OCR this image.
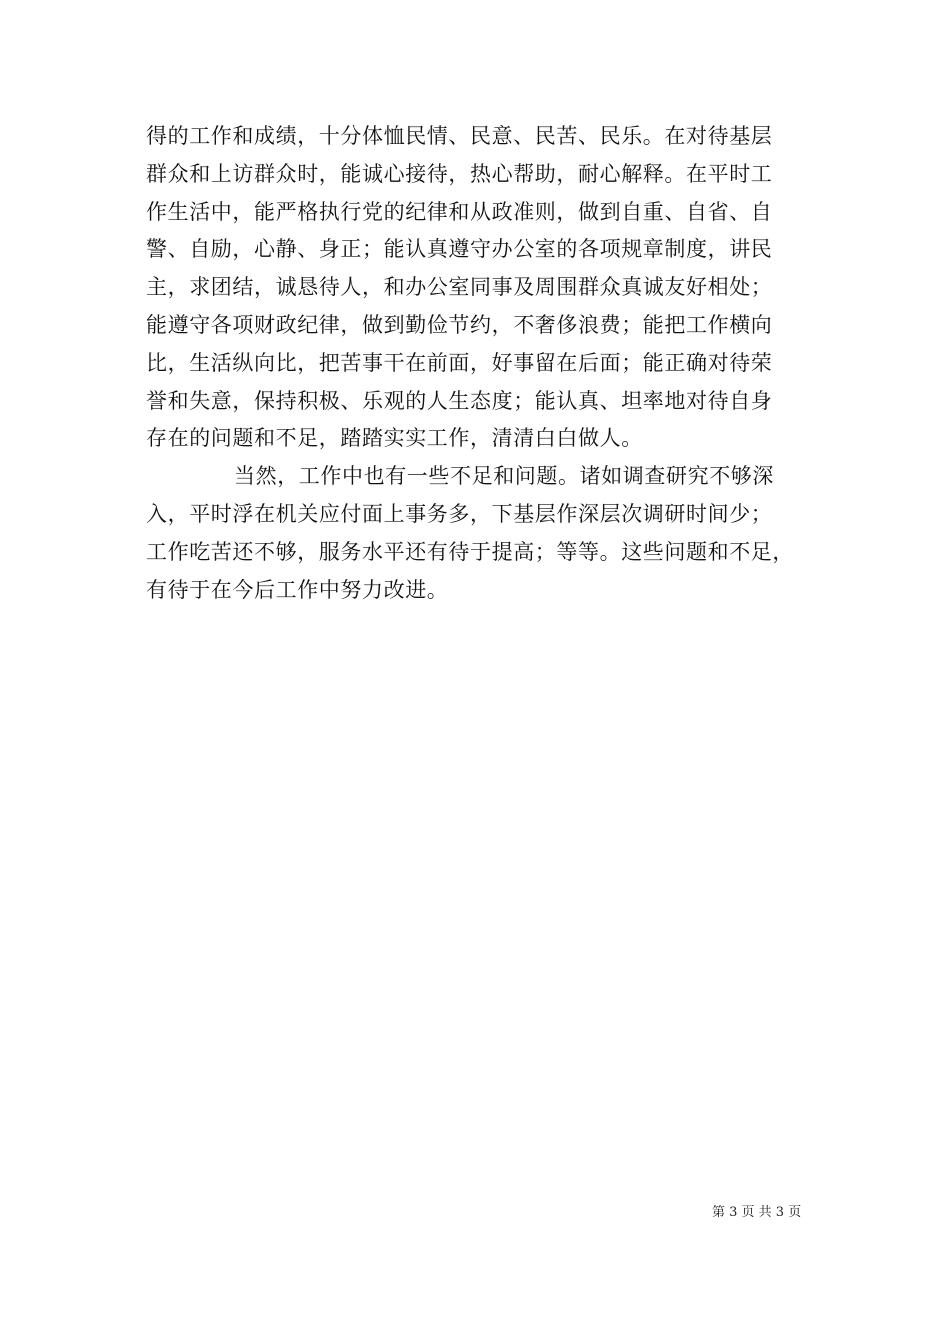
得的工作和成绩，十分体恤民情、民意、民苦、民乐。在对待基层
群众和上访群众时，能诚心接待，热心帮助，耐心解释。在平时工
作生活中，能严格执行党的纪律和从政准则，做到自重、自省、自
警、自励，心静、身正；能认真遵守办公室的各项规章制度，讲民
主，求团结，诚恳待人，和办公室同事及周围群众真诚友好相处；
能遵守各项财政纪律，做到勤俭节约，不奢侈浪费；能把工作横向
比，生活纵向比，把苦事干在前面，好事留在后面；能正确对待荣
誉和失意，保持积极、乐观的人生态度；能认真、坦率地对待自身
存在的问题和不足，踏踏实实工作，清清白白做人。
当然，工作中也有一些不足和问题。诸如调查研究不够深
入，平时浮在机关应付面上事务多，下基层作深层次调研时间少；
工作吃苦还不够，服务水平还有待于提高；等等。这些问题和不足，
有待于在今后工作中努力改进。
第 3 页 共 3 页
